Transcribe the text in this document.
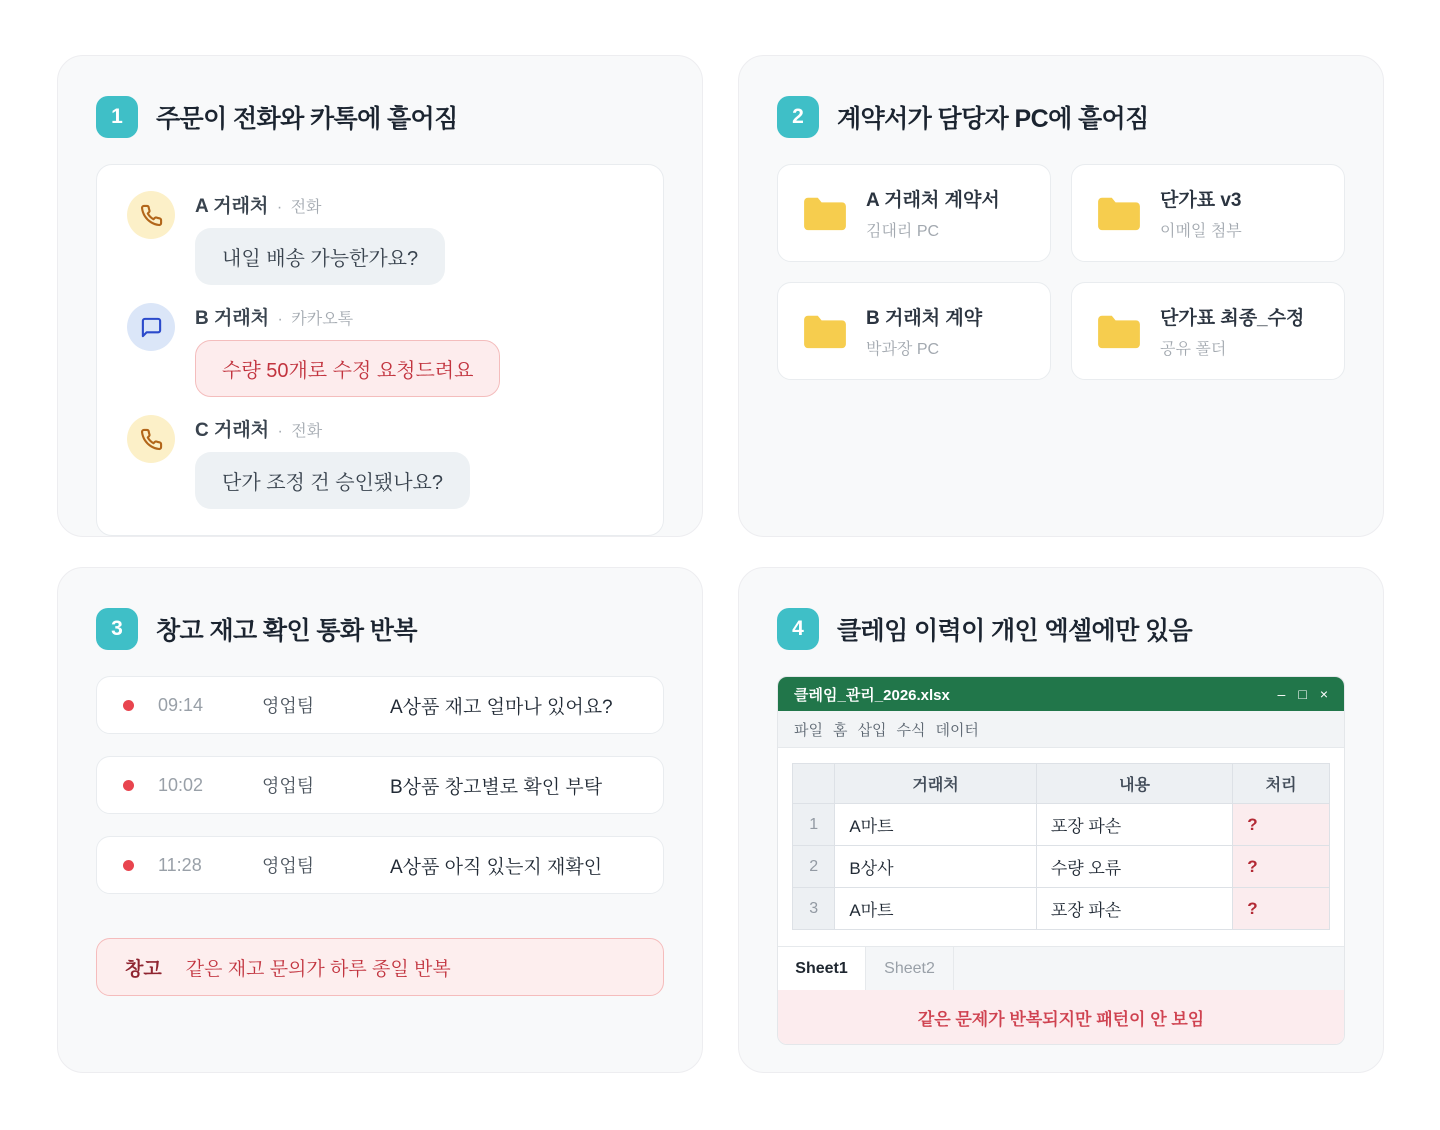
1	주문이 전화와 카톡에 흩어짐
A 거래처 · 전화
내일 배송 가능한가요?
B 거래처 · 카카오톡
수량 50개로 수정 요청드려요
C 거래처 · 전화
단가 조정 건 승인됐나요?
2	계약서가 담당자 PC에 흩어짐
A 거래처 계약서
김대리 PC
단가표 v3
이메일 첨부
B 거래처 계약
박과장 PC
단가표 최종_수정
공유 폴더
3	창고 재고 확인 통화 반복
09:14	영업팀	A상품 재고 얼마나 있어요?
10:02	영업팀	B상품 창고별로 확인 부탁
11:28	영업팀	A상품 아직 있는지 재확인
창고 같은 재고 문의가 하루 종일 반복
4	클레임 이력이 개인 엑셀에만 있음
클레임_관리_2026.xlsx	– □ ×
파일 홈 삽입 수식 데이터
	거래처	내용	처리
1	A마트	포장 파손	?
2	B상사	수량 오류	?
3	A마트	포장 파손	?
Sheet1	Sheet2
같은 문제가 반복되지만 패턴이 안 보임
